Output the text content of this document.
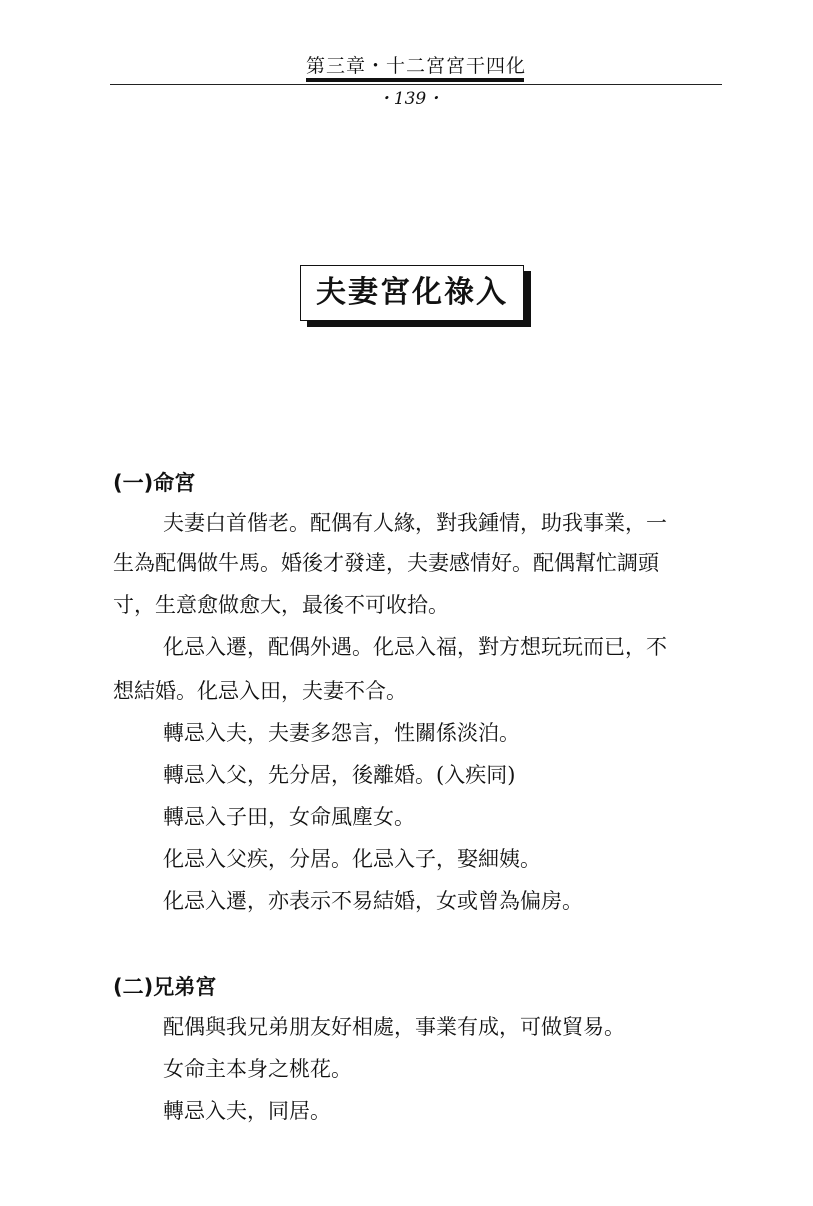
第三章・十二宮宮干四化
・139・
夫妻宮化祿入
(一)命宮
夫妻白首偕老。配偶有人緣，對我鍾情，助我事業，一
生為配偶做牛馬。婚後才發達，夫妻感情好。配偶幫忙調頭
寸，生意愈做愈大，最後不可收拾。
化忌入遷，配偶外遇。化忌入福，對方想玩玩而已，不
想結婚。化忌入田，夫妻不合。
轉忌入夫，夫妻多怨言，性關係淡泊。
轉忌入父，先分居，後離婚。(入疾同)
轉忌入子田，女命風塵女。
化忌入父疾，分居。化忌入子，娶細姨。
化忌入遷，亦表示不易結婚，女或曾為偏房。
(二)兄弟宮
配偶與我兄弟朋友好相處，事業有成，可做貿易。
女命主本身之桃花。
轉忌入夫，同居。
